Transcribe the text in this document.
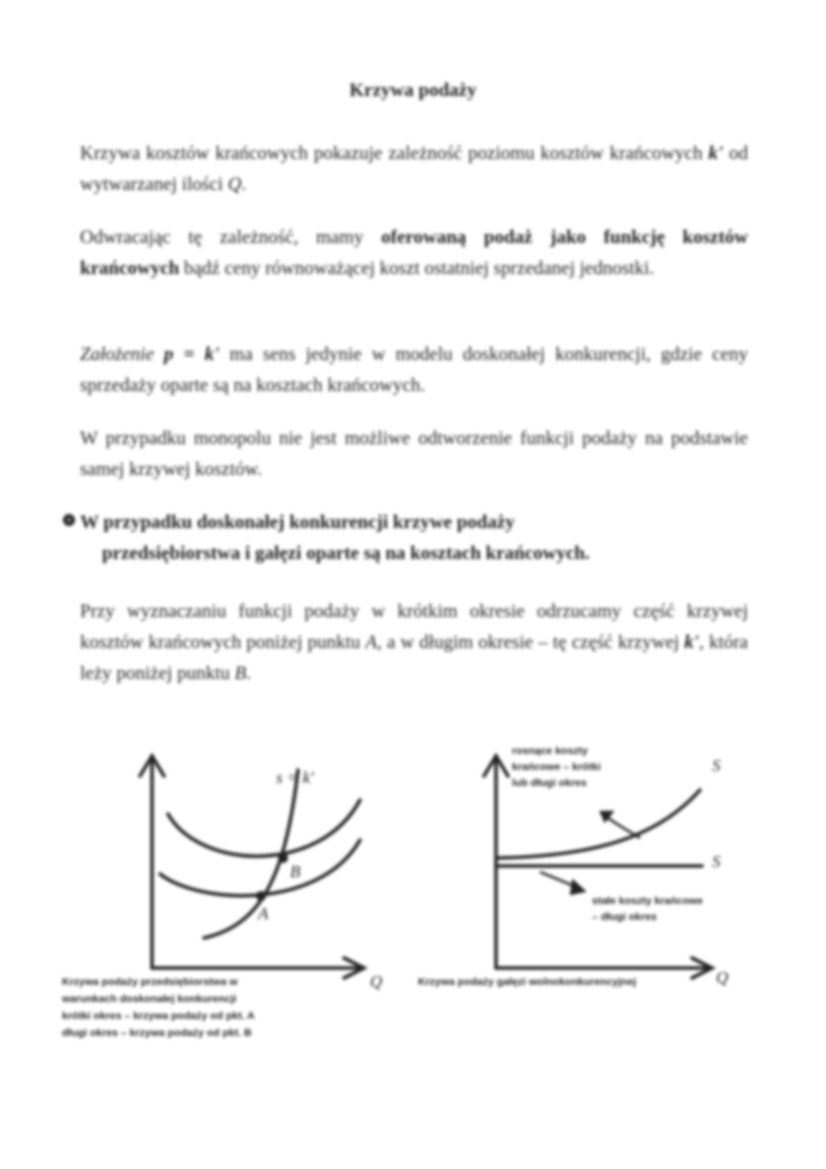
Krzywa podaży

Krzywa kosztów krańcowych pokazuje zależność poziomu kosztów krańcowych k' od wytwarzanej ilości Q.

Odwracając tę zależność, mamy oferowaną podaż jako funkcję kosztów krańcowych bądź ceny równoważącej koszt ostatniej sprzedanej jednostki.

Założenie p = k' ma sens jedynie w modelu doskonałej konkurencji, gdzie ceny sprzedaży oparte są na kosztach krańcowych.

W przypadku monopolu nie jest możliwe odtworzenie funkcji podaży na podstawie samej krzywej kosztów.

W przypadku doskonałej konkurencji krzywe podaży
przedsiębiorstwa i gałęzi oparte są na kosztach krańcowych.

Przy wyznaczaniu funkcji podaży w krótkim okresie odrzucamy część krzywej kosztów krańcowych poniżej punktu A, a w długim okresie – tę część krzywej k', która leży poniżej punktu B.

s = k'
B
A
Q
rosnące koszty
krańcowe – krótki
lub długi okres
stałe koszty krańcowe
– długi okres
S
S
Q
Krzywa podaży przedsiębiorstwa w
warunkach doskonałej konkurencji
krótki okres – krzywa podaży od pkt. A
długi okres – krzywa podaży od pkt. B
Krzywa podaży gałęzi wolnokonkurencyjnej
